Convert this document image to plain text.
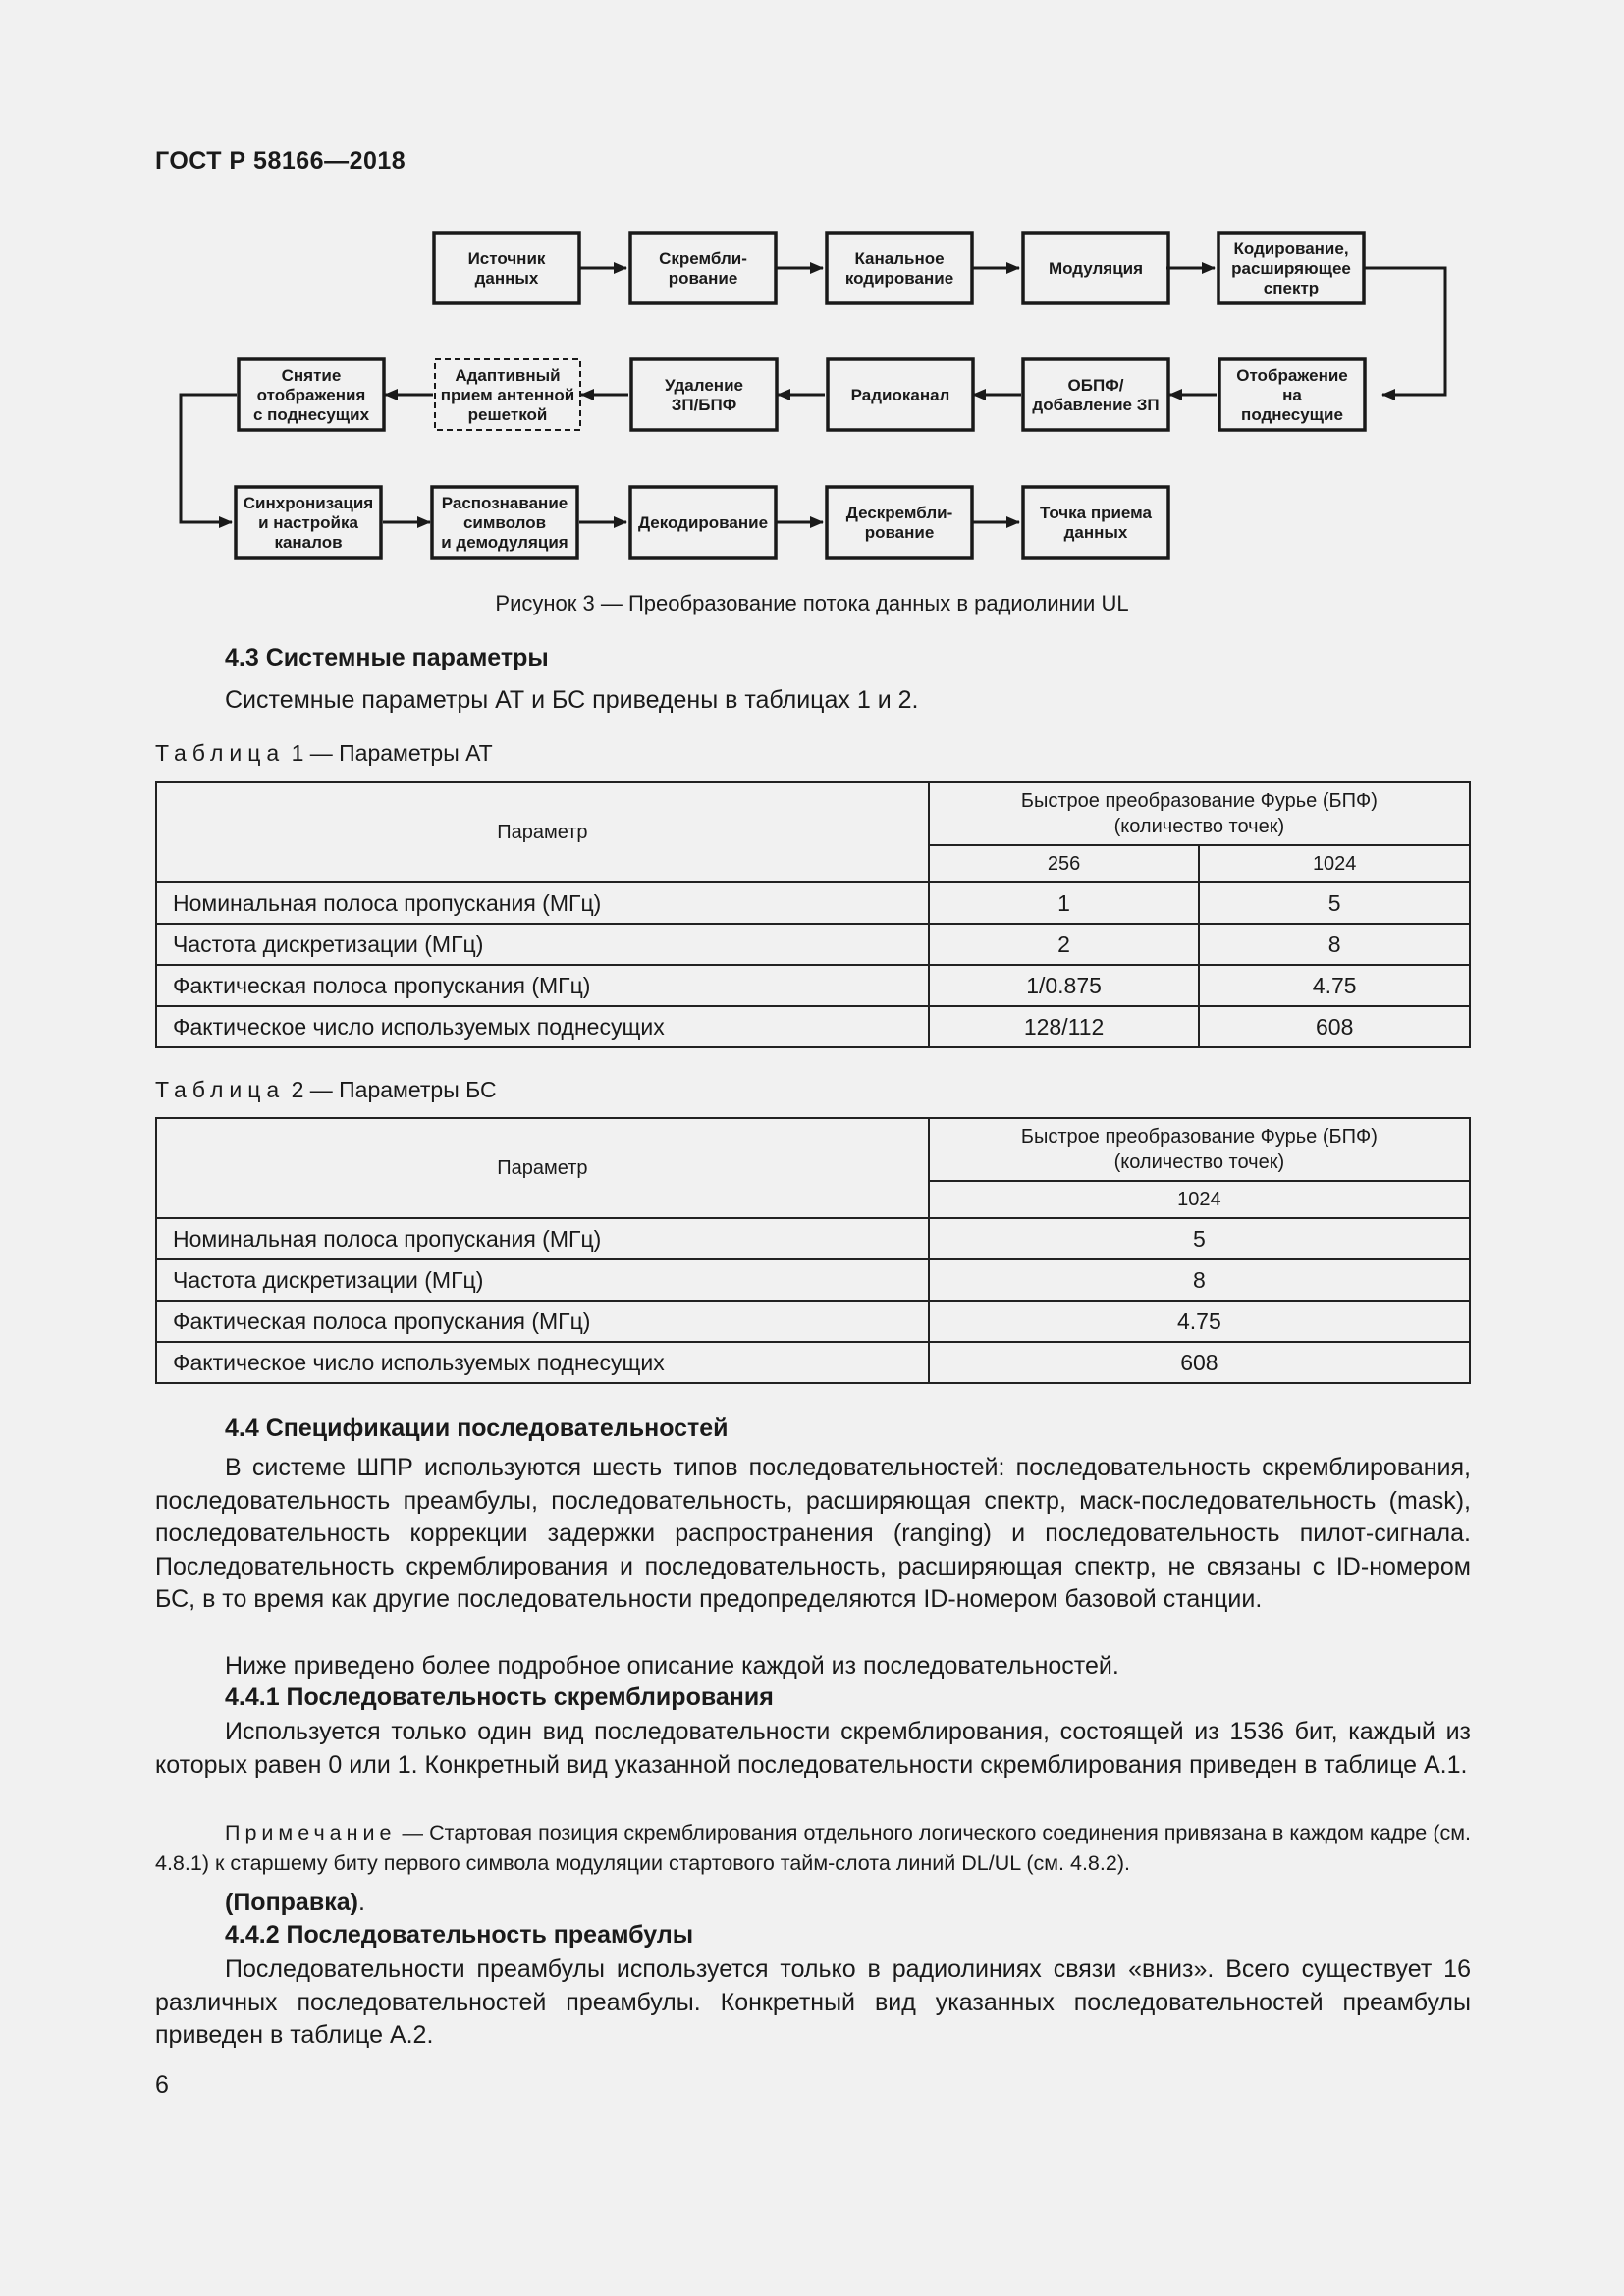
ГОСТ Р 58166—2018
Источник данных
Скрембли-рование
Канальное кодирование
Модуляция
Кодирование, расширяющее спектр
Снятие отображения с поднесущих
Адаптивный прием антенной решеткой
Удаление ЗП/БПФ
Радиоканал
ОБПФ/ добавление ЗП
Отображение на поднесущие
Синхронизация и настройка каналов
Распознавание символов и демодуляция
Декодирование
Дескрембли-рование
Точка приема данных
Рисунок 3 — Преобразование потока данных в радиолинии UL
4.3 Системные параметры
Системные параметры АТ и БС приведены в таблицах 1 и 2.
Таблица 1 — Параметры АТ
Параметр	Быстрое преобразование Фурье (БПФ)
(количество точек)	

	256	1024
Номинальная полоса пропускания (МГц)	1	5
Частота дискретизации (МГц)	2	8
Фактическая полоса пропускания (МГц)	1/0.875	4.75
Фактическое число используемых поднесущих	128/112	608
Таблица 2 — Параметры БС
Параметр	Быстрое преобразование Фурье (БПФ)
(количество точек)

	1024
Номинальная полоса пропускания (МГц)	5
Частота дискретизации (МГц)	8
Фактическая полоса пропускания (МГц)	4.75
Фактическое число используемых поднесущих	608
4.4 Спецификации последовательностей
В системе ШПР используются шесть типов последовательностей: последовательность скремблирования, последовательность преамбулы, последовательность, расширяющая спектр, маск-последовательность (mask), последовательность коррекции задержки распространения (ranging) и последовательность пилот-сигнала. Последовательность скремблирования и последовательность, расширяющая спектр, не связаны с ID-номером БС, в то время как другие последовательности предопределяются ID-номером базовой станции.
Ниже приведено более подробное описание каждой из последовательностей.
4.4.1 Последовательность скремблирования
Используется только один вид последовательности скремблирования, состоящей из 1536 бит, каждый из которых равен 0 или 1. Конкретный вид указанной последовательности скремблирования приведен в таблице А.1.
Примечание — Стартовая позиция скремблирования отдельного логического соединения привязана в каждом кадре (см. 4.8.1) к старшему биту первого символа модуляции стартового тайм-слота линий DL/UL (см. 4.8.2).
(Поправка).
4.4.2 Последовательность преамбулы
Последовательности преамбулы используется только в радиолиниях связи «вниз». Всего существует 16 различных последовательностей преамбулы. Конкретный вид указанных последовательностей преамбулы приведен в таблице А.2.
6
